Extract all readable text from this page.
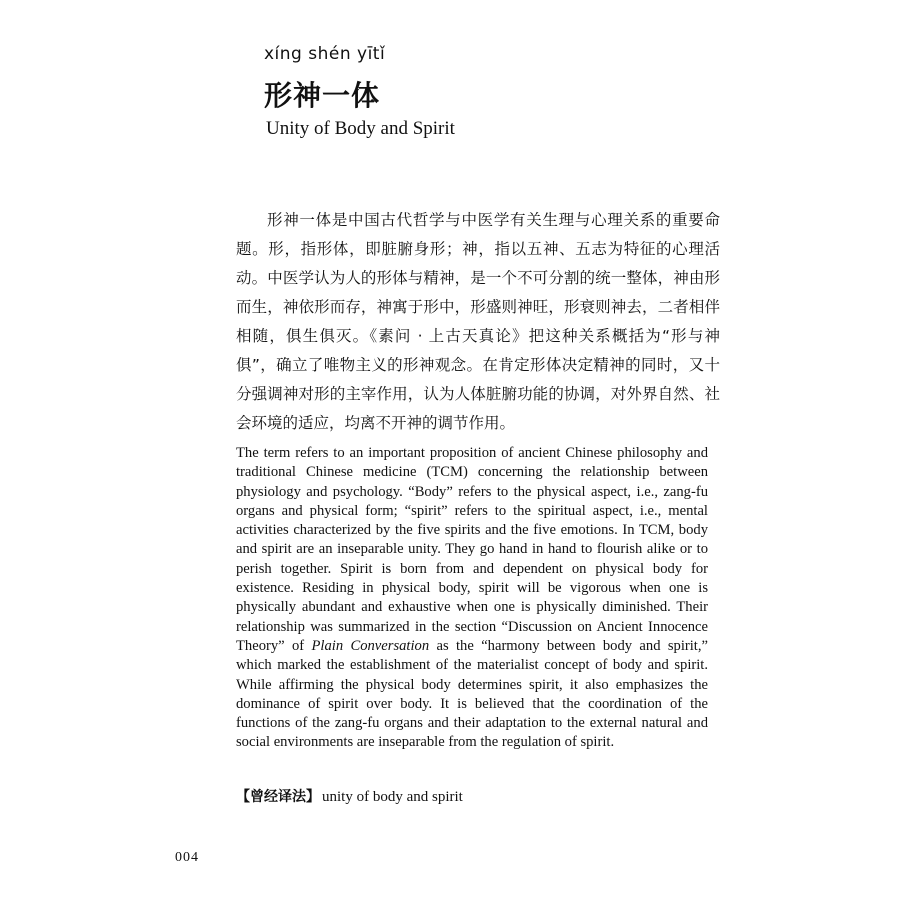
xíng shén yītǐ
形神一体
Unity of Body and Spirit

形神一体是中国古代哲学与中医学有关生理与心理关系的重要命题。形，指形体，即脏腑身形；神，指以五神、五志为特征的心理活动。中医学认为人的形体与精神，是一个不可分割的统一整体，神由形而生，神依形而存，神寓于形中，形盛则神旺，形衰则神去，二者相伴相随，俱生俱灭。《素问 · 上古天真论》把这种关系概括为“形与神俱”，确立了唯物主义的形神观念。在肯定形体决定精神的同时，又十分强调神对形的主宰作用，认为人体脏腑功能的协调，对外界自然、社会环境的适应，均离不开神的调节作用。

The term refers to an important proposition of ancient Chinese philosophy and traditional Chinese medicine (TCM) concerning the relationship between physiology and psychology. “Body” refers to the physical aspect, i.e., zang-fu organs and physical form; “spirit” refers to the spiritual aspect, i.e., mental activities characterized by the five spirits and the five emotions. In TCM, body and spirit are an inseparable unity. They go hand in hand to flourish alike or to perish together. Spirit is born from and dependent on physical body for existence. Residing in physical body, spirit will be vigorous when one is physically abundant and exhaustive when one is physically diminished. Their relationship was summarized in the section “Discussion on Ancient Innocence Theory” of Plain Conversation as the “harmony between body and spirit,” which marked the establishment of the materialist concept of body and spirit. While affirming the physical body determines spirit, it also emphasizes the dominance of spirit over body. It is believed that the coordination of the functions of the zang-fu organs and their adaptation to the external natural and social environments are inseparable from the regulation of spirit.

【曾经译法】 unity of body and spirit
004
